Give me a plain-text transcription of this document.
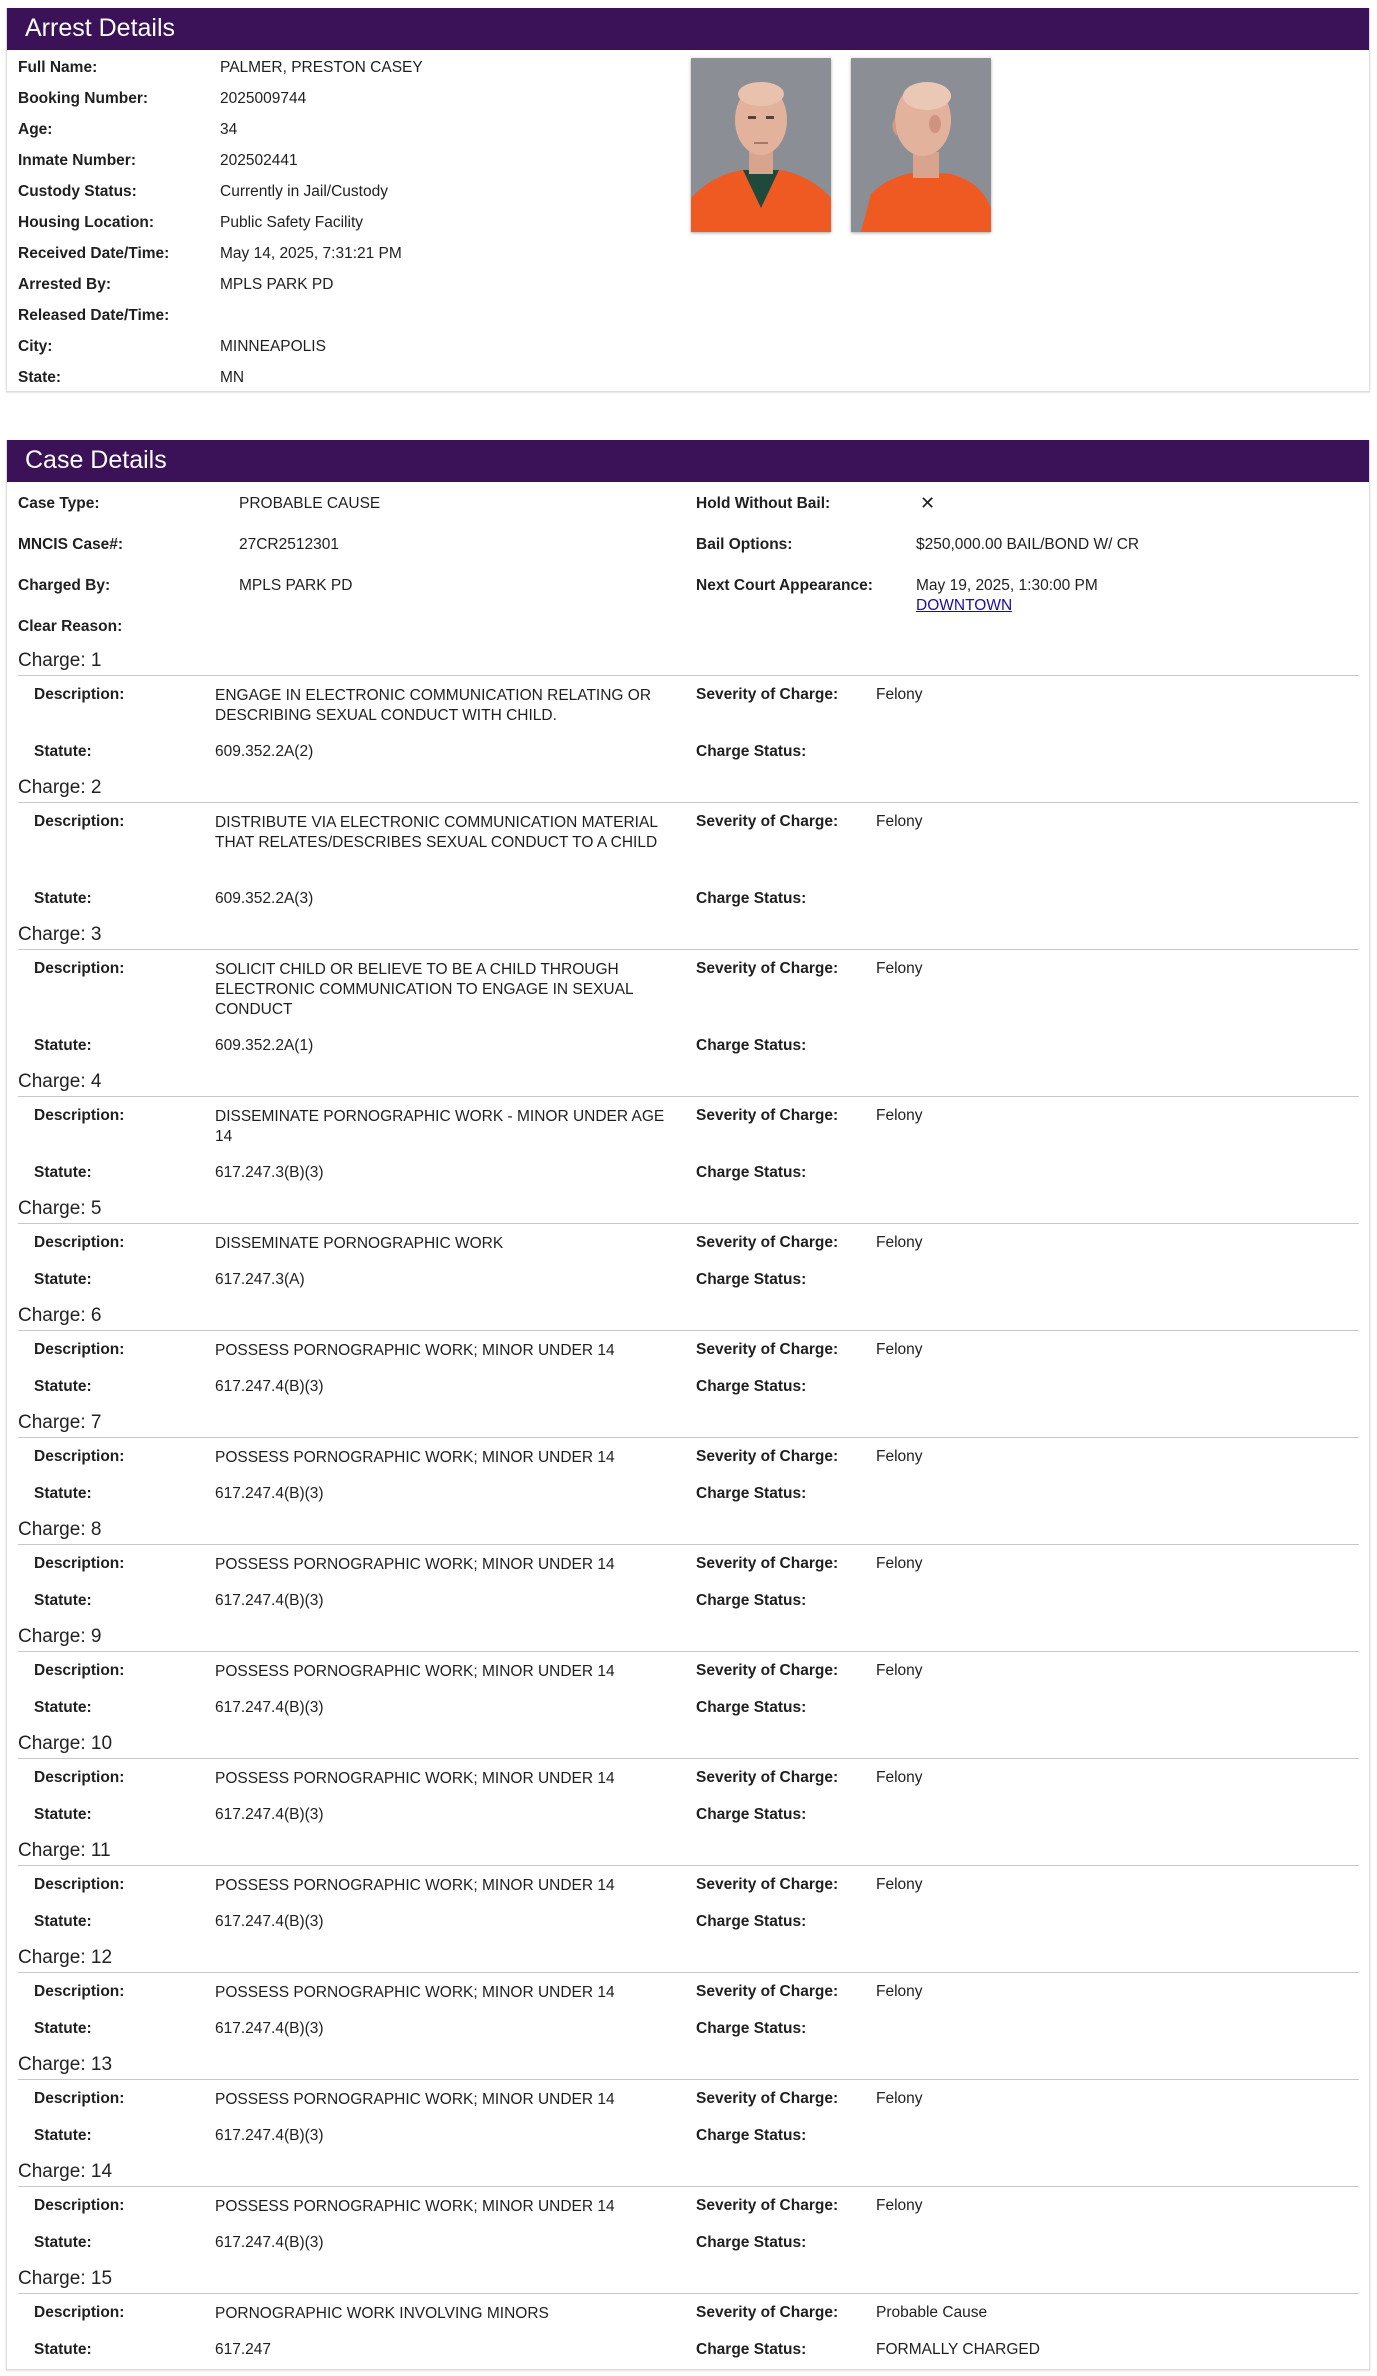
Arrest Details
Full Name:	PALMER, PRESTON CASEY
Booking Number:	2025009744
Age:	34
Inmate Number:	202502441
Custody Status:	Currently in Jail/Custody
Housing Location:	Public Safety Facility
Received Date/Time:	May 14, 2025, 7:31:21 PM
Arrested By:	MPLS PARK PD
Released Date/Time:
City:	MINNEAPOLIS
State:	MN
Case Details
Case Type:	PROBABLE CAUSE
MNCIS Case#:	27CR2512301
Charged By:	MPLS PARK PD
Clear Reason:
Hold Without Bail:	✕
Bail Options:	$250,000.00 BAIL/BOND W/ CR
Next Court Appearance:	May 19, 2025, 1:30:00 PM
DOWNTOWN
Charge: 1
Description:	ENGAGE IN ELECTRONIC COMMUNICATION RELATING OR DESCRIBING SEXUAL CONDUCT WITH CHILD.
Severity of Charge: Felony
Statute:	609.352.2A(2)	Charge Status:
Charge: 2
Description:	DISTRIBUTE VIA ELECTRONIC COMMUNICATION MATERIAL THAT RELATES/DESCRIBES SEXUAL CONDUCT TO A CHILD
Severity of Charge: Felony
Statute:	609.352.2A(3)	Charge Status:
Charge: 3
Description:	SOLICIT CHILD OR BELIEVE TO BE A CHILD THROUGH ELECTRONIC COMMUNICATION TO ENGAGE IN SEXUAL CONDUCT
Severity of Charge: Felony
Statute:	609.352.2A(1)	Charge Status:
Charge: 4
Description:	DISSEMINATE PORNOGRAPHIC WORK - MINOR UNDER AGE 14
Severity of Charge: Felony
Statute:	617.247.3(B)(3)	Charge Status:
Charge: 5
Description:	DISSEMINATE PORNOGRAPHIC WORK	Severity of Charge: Felony
Statute:	617.247.3(A)	Charge Status:
Charge: 6
Description:	POSSESS PORNOGRAPHIC WORK; MINOR UNDER 14	Severity of Charge: Felony
Statute:	617.247.4(B)(3)	Charge Status:
Charge: 7
Description:	POSSESS PORNOGRAPHIC WORK; MINOR UNDER 14	Severity of Charge: Felony
Statute:	617.247.4(B)(3)	Charge Status:
Charge: 8
Description:	POSSESS PORNOGRAPHIC WORK; MINOR UNDER 14	Severity of Charge: Felony
Statute:	617.247.4(B)(3)	Charge Status:
Charge: 9
Description:	POSSESS PORNOGRAPHIC WORK; MINOR UNDER 14	Severity of Charge: Felony
Statute:	617.247.4(B)(3)	Charge Status:
Charge: 10
Description:	POSSESS PORNOGRAPHIC WORK; MINOR UNDER 14	Severity of Charge: Felony
Statute:	617.247.4(B)(3)	Charge Status:
Charge: 11
Description:	POSSESS PORNOGRAPHIC WORK; MINOR UNDER 14	Severity of Charge: Felony
Statute:	617.247.4(B)(3)	Charge Status:
Charge: 12
Description:	POSSESS PORNOGRAPHIC WORK; MINOR UNDER 14	Severity of Charge: Felony
Statute:	617.247.4(B)(3)	Charge Status:
Charge: 13
Description:	POSSESS PORNOGRAPHIC WORK; MINOR UNDER 14	Severity of Charge: Felony
Statute:	617.247.4(B)(3)	Charge Status:
Charge: 14
Description:	POSSESS PORNOGRAPHIC WORK; MINOR UNDER 14	Severity of Charge: Felony
Statute:	617.247.4(B)(3)	Charge Status:
Charge: 15
Description:	PORNOGRAPHIC WORK INVOLVING MINORS	Severity of Charge: Probable Cause
Statute:	617.247	Charge Status:	FORMALLY CHARGED
